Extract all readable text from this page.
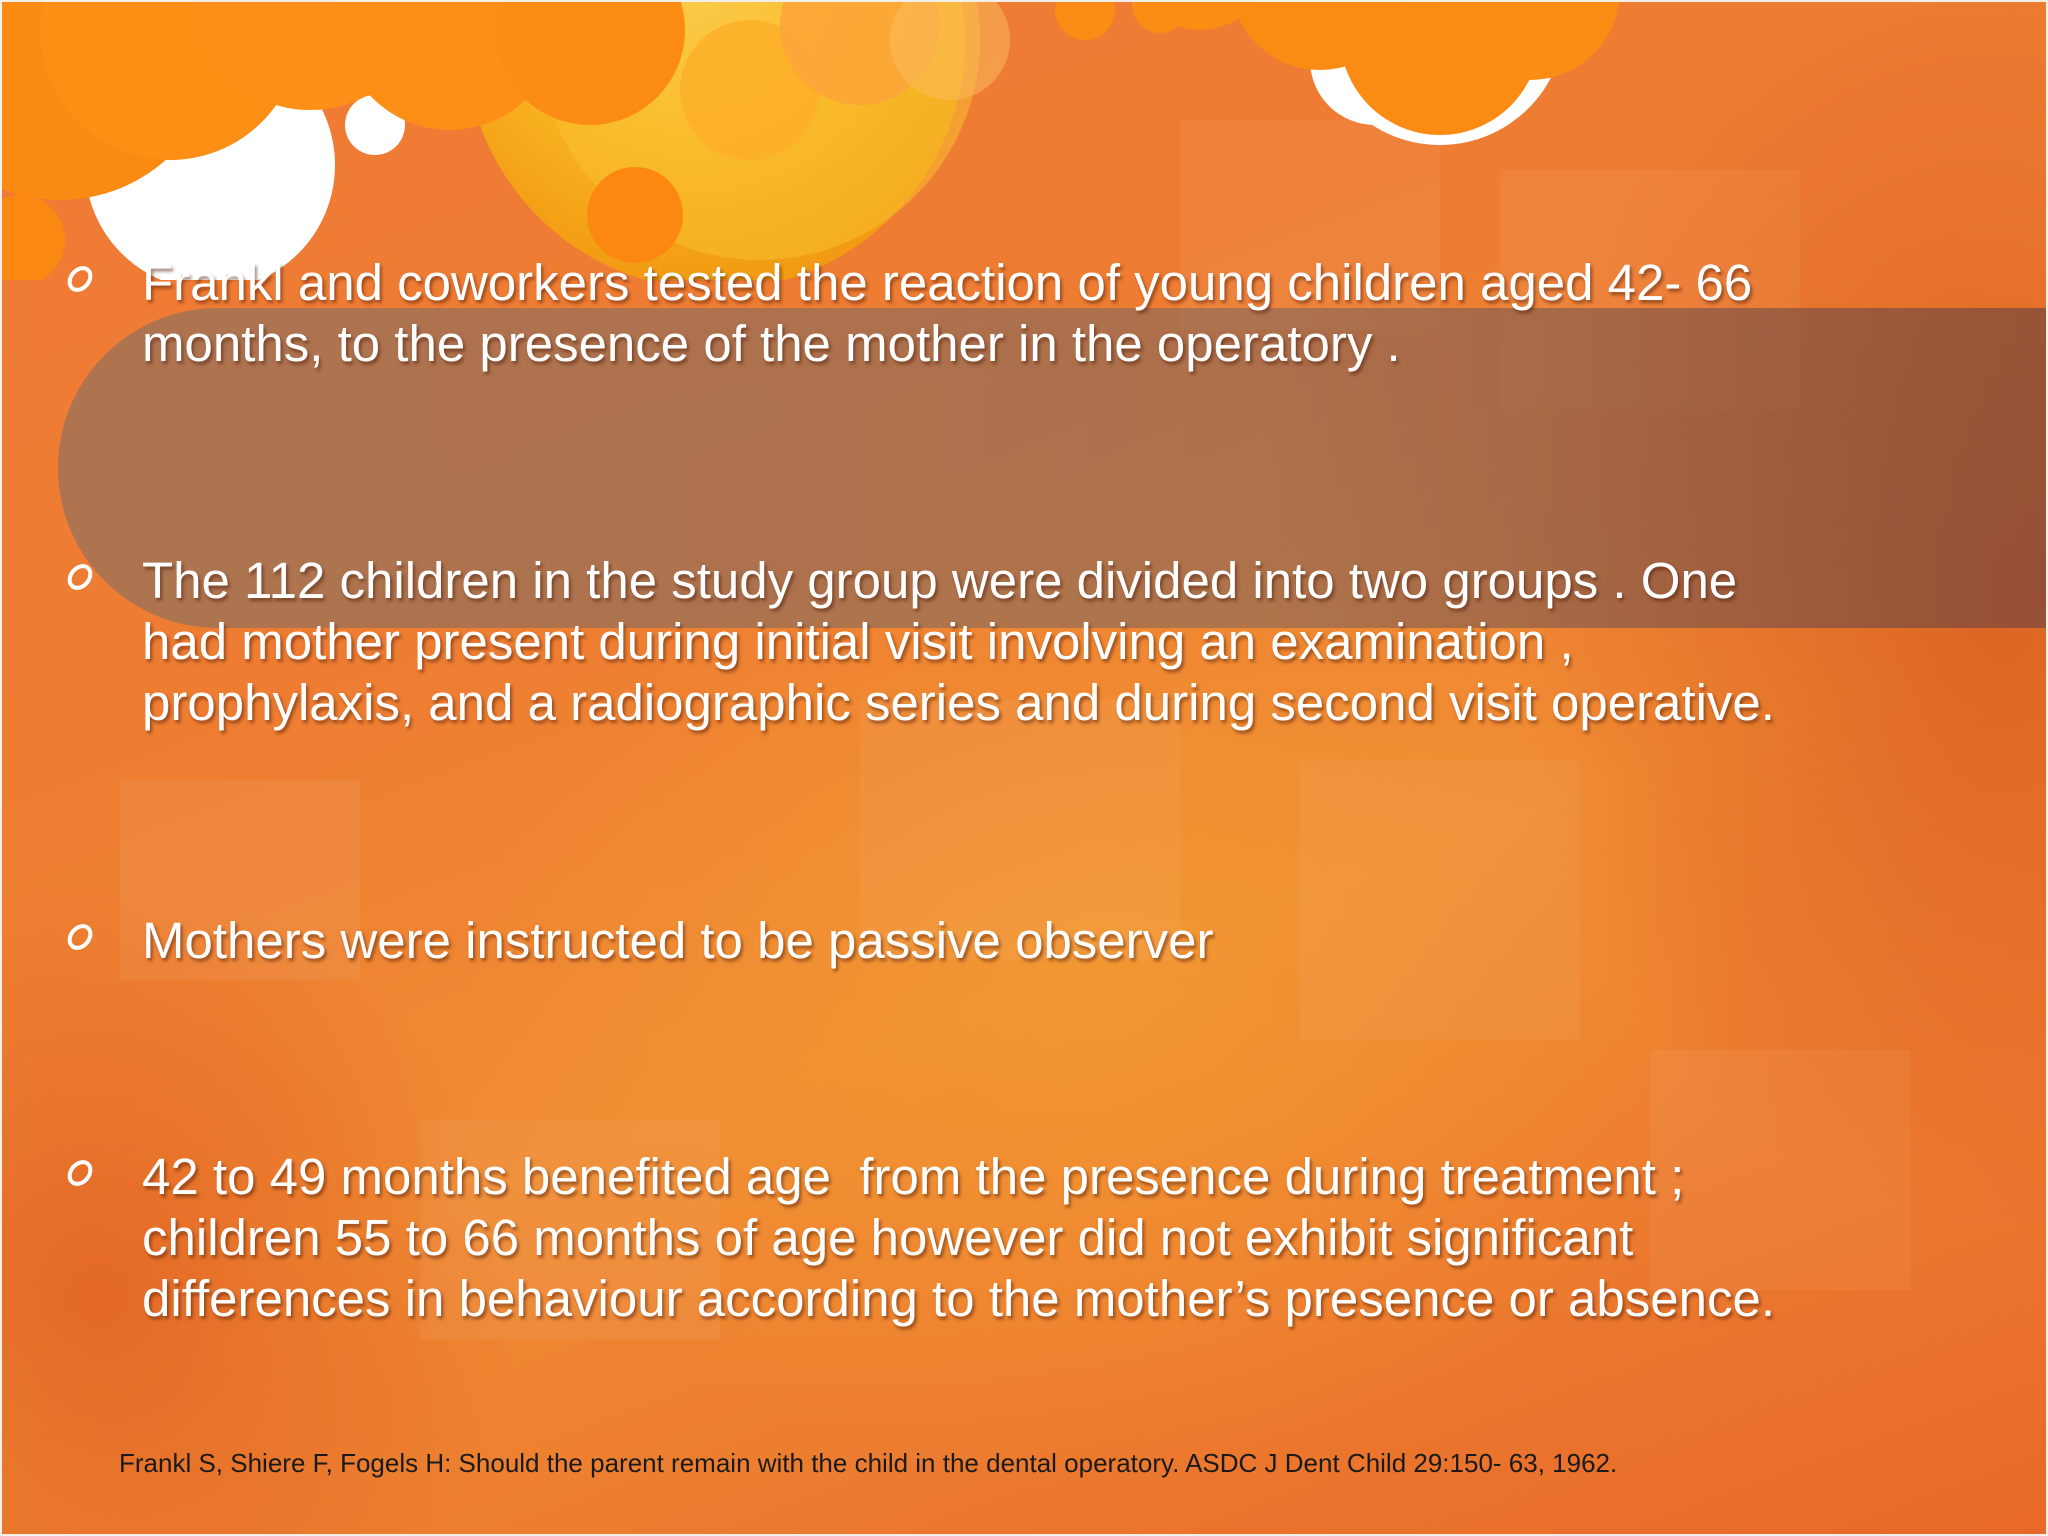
Frankl and coworkers tested the reaction of young children aged 42- 66
months, to the presence of the mother in the operatory .

The 112 children in the study group were divided into two groups . One
had mother present during initial visit involving an examination ,
prophylaxis, and a radiographic series and during second visit operative.

Mothers were instructed to be passive observer

42 to 49 months benefited age  from the presence during treatment ;
children 55 to 66 months of age however did not exhibit significant
differences in behaviour according to the mother’s presence or absence.

Frankl S, Shiere F, Fogels H: Should the parent remain with the child in the dental operatory. ASDC J Dent Child 29:150- 63, 1962.
